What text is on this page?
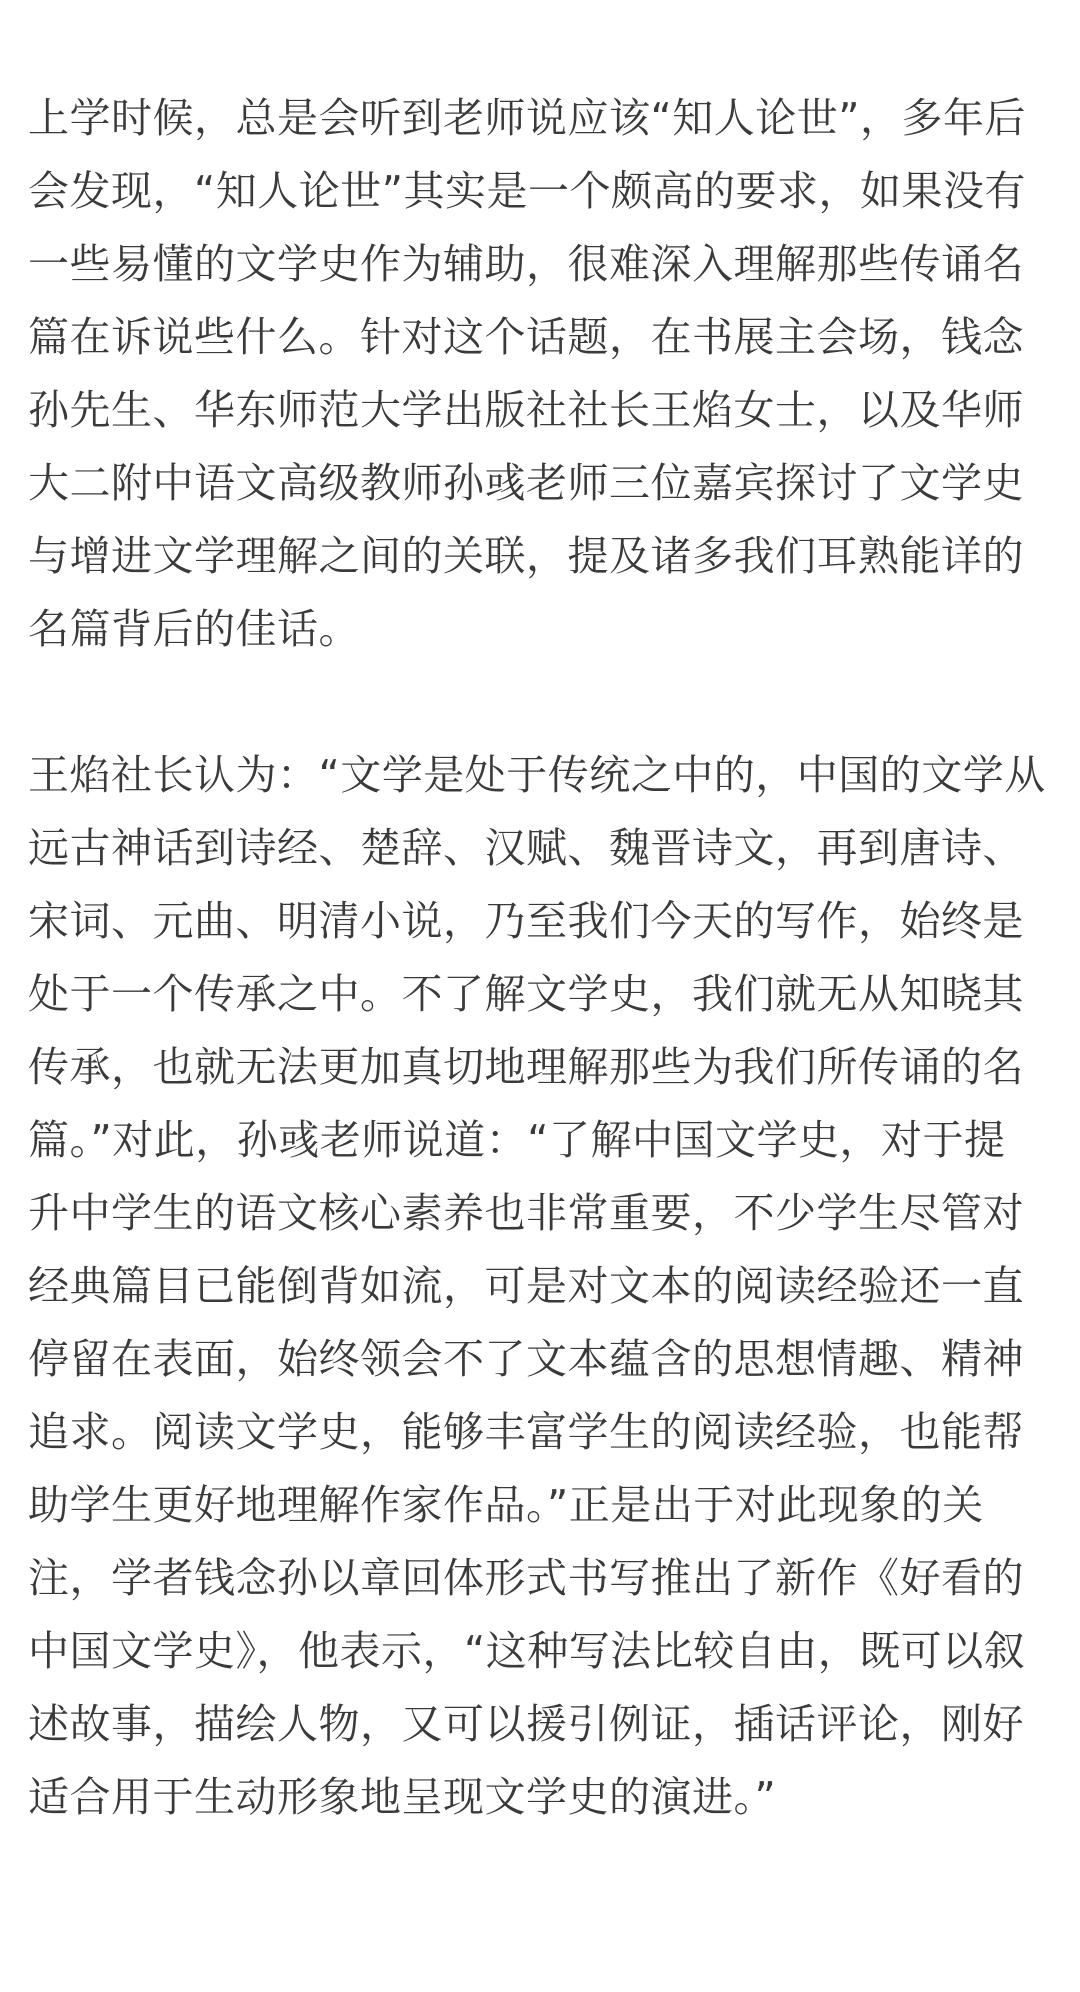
上学时候，总是会听到老师说应该“知人论世”，多年后
会发现，“知人论世”其实是一个颇高的要求，如果没有
一些易懂的文学史作为辅助，很难深入理解那些传诵名
篇在诉说些什么。针对这个话题，在书展主会场，钱念
孙先生、华东师范大学出版社社长王焰女士，以及华师
大二附中语文高级教师孙彧老师三位嘉宾探讨了文学史
与增进文学理解之间的关联，提及诸多我们耳熟能详的
名篇背后的佳话。
王焰社长认为：“文学是处于传统之中的，中国的文学从
远古神话到诗经、楚辞、汉赋、魏晋诗文，再到唐诗、
宋词、元曲、明清小说，乃至我们今天的写作，始终是
处于一个传承之中。不了解文学史，我们就无从知晓其
传承，也就无法更加真切地理解那些为我们所传诵的名
篇。”对此，孙彧老师说道：“了解中国文学史，对于提
升中学生的语文核心素养也非常重要，不少学生尽管对
经典篇目已能倒背如流，可是对文本的阅读经验还一直
停留在表面，始终领会不了文本蕴含的思想情趣、精神
追求。阅读文学史，能够丰富学生的阅读经验，也能帮
助学生更好地理解作家作品。”正是出于对此现象的关
注，学者钱念孙以章回体形式书写推出了新作《好看的
中国文学史》，他表示，“这种写法比较自由，既可以叙
述故事，描绘人物，又可以援引例证，插话评论，刚好
适合用于生动形象地呈现文学史的演进。”
